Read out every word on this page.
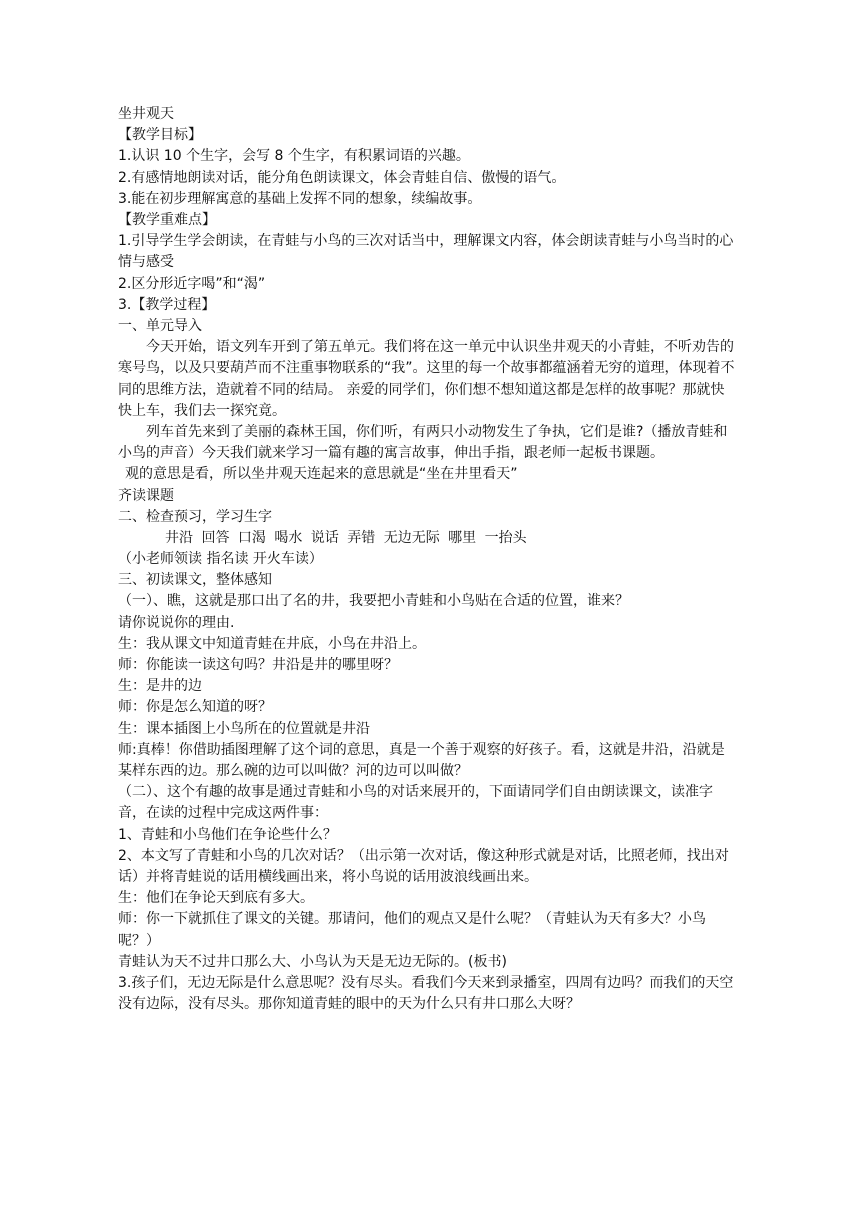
坐井观天
【教学目标】
1.认识 10 个生字，会写 8 个生字，有积累词语的兴趣。
2.有感情地朗读对话，能分角色朗读课文，体会青蛙自信、傲慢的语气。
3.能在初步理解寓意的基础上发挥不同的想象，续编故事。
【教学重难点】
1.引导学生学会朗读，在青蛙与小鸟的三次对话当中，理解课文内容，体会朗读青蛙与小鸟当时的心情与感受
2.区分形近字喝”和“渴”
3.【教学过程】
一、单元导入
今天开始，语文列车开到了第五单元。我们将在这一单元中认识坐井观天的小青蛙，不听劝告的寒号鸟，以及只要葫芦而不注重事物联系的“我”。这里的每一个故事都蕴涵着无穷的道理，体现着不同的思维方法，造就着不同的结局。 亲爱的同学们，你们想不想知道这都是怎样的故事呢？那就快快上车，我们去一探究竟。
列车首先来到了美丽的森林王国，你们听，有两只小动物发生了争执，它们是谁?（播放青蛙和小鸟的声音）今天我们就来学习一篇有趣的寓言故事，伸出手指，跟老师一起板书课题。
观的意思是看，所以坐井观天连起来的意思就是“坐在井里看天”
齐读课题
二、检查预习，学习生字
井沿 回答 口渴 喝水 说话 弄错 无边无际 哪里 一抬头
（小老师领读 指名读 开火车读）
三、初读课文，整体感知
（一）、瞧，这就是那口出了名的井，我要把小青蛙和小鸟贴在合适的位置，谁来？
请你说说你的理由.
生：我从课文中知道青蛙在井底，小鸟在井沿上。
师：你能读一读这句吗？井沿是井的哪里呀？
生：是井的边
师：你是怎么知道的呀？
生：课本插图上小鸟所在的位置就是井沿
师:真棒！你借助插图理解了这个词的意思，真是一个善于观察的好孩子。看，这就是井沿，沿就是某样东西的边。那么碗的边可以叫做？河的边可以叫做？
（二）、这个有趣的故事是通过青蛙和小鸟的对话来展开的，下面请同学们自由朗读课文，读准字音，在读的过程中完成这两件事：
1、青蛙和小鸟他们在争论些什么？
2、本文写了青蛙和小鸟的几次对话？（出示第一次对话，像这种形式就是对话，比照老师，找出对话）并将青蛙说的话用横线画出来，将小鸟说的话用波浪线画出来。
生：他们在争论天到底有多大。
师：你一下就抓住了课文的关键。那请问，他们的观点又是什么呢？（青蛙认为天有多大？小鸟呢？）
青蛙认为天不过井口那么大、小鸟认为天是无边无际的。(板书)
3.孩子们，无边无际是什么意思呢？没有尽头。看我们今天来到录播室，四周有边吗？而我们的天空没有边际，没有尽头。那你知道青蛙的眼中的天为什么只有井口那么大呀？
